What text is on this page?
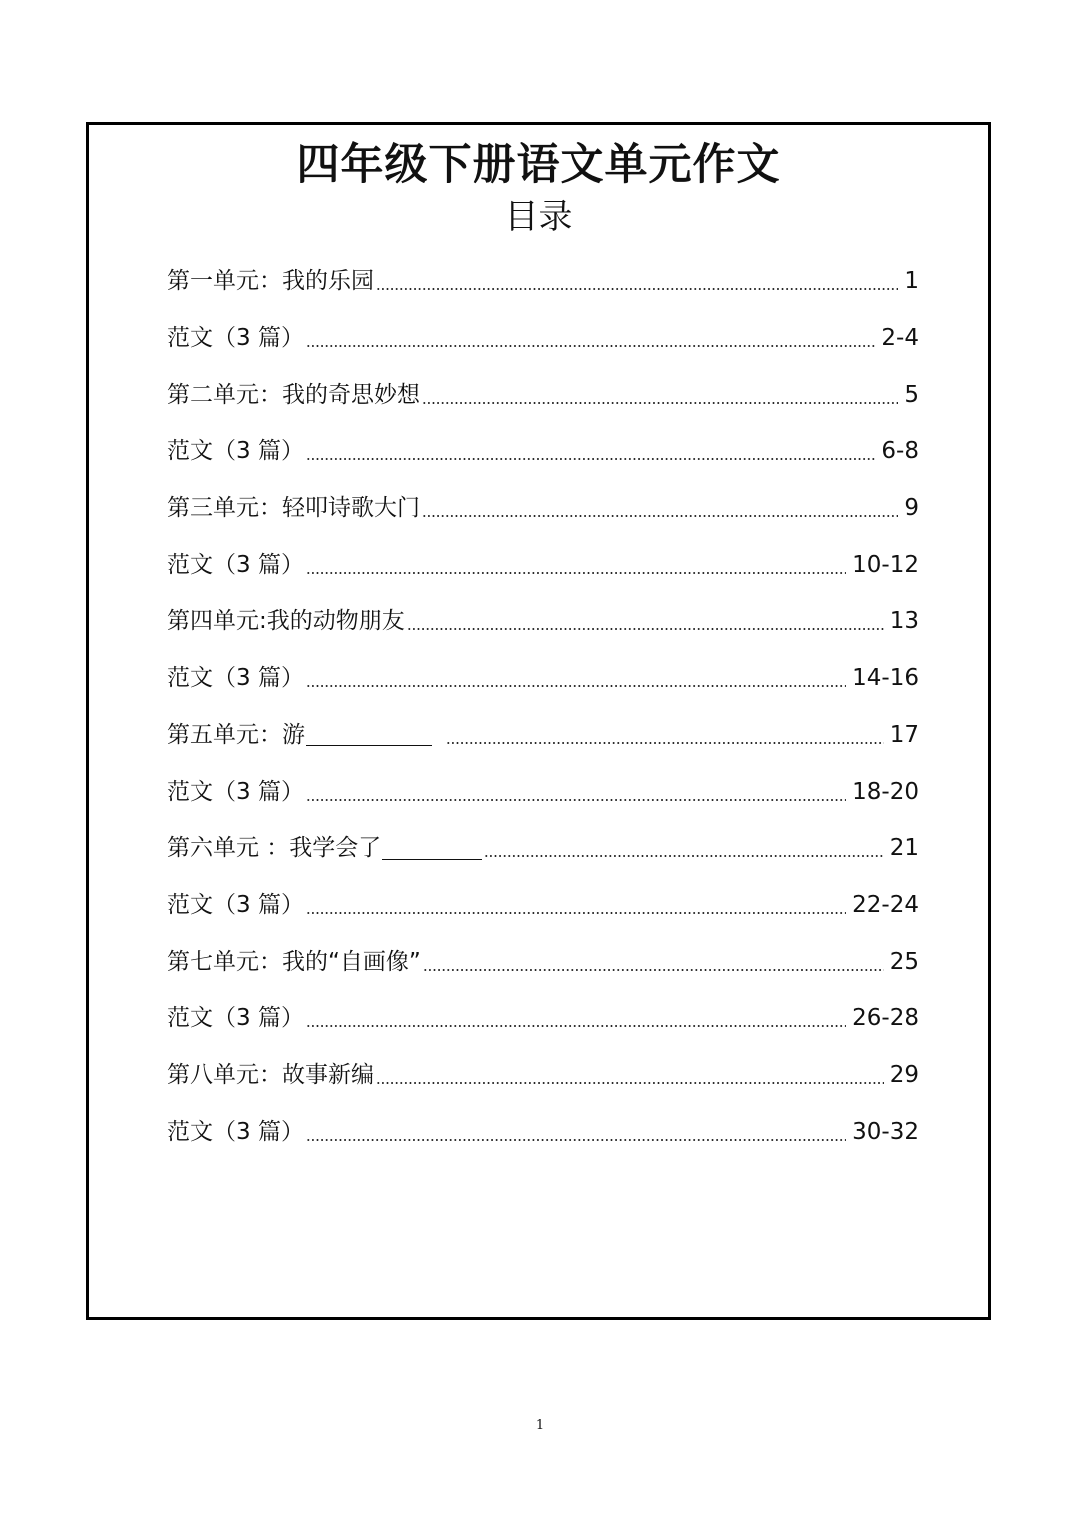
四年级下册语文单元作文
目录
第一单元：我的乐园	1
范文（3 篇）	2-4
第二单元：我的奇思妙想	5
范文（3 篇）	6-8
第三单元：轻叩诗歌大门	9
范文（3 篇）	10-12
第四单元:我的动物朋友	13
范文（3 篇）	14-16
第五单元：游	17
范文（3 篇）	18-20
第六单元 ：我学会了	21
范文（3 篇）	22-24
第七单元：我的“自画像”	25
范文（3 篇）	26-28
第八单元：故事新编	29
范文（3 篇）	30-32
1
